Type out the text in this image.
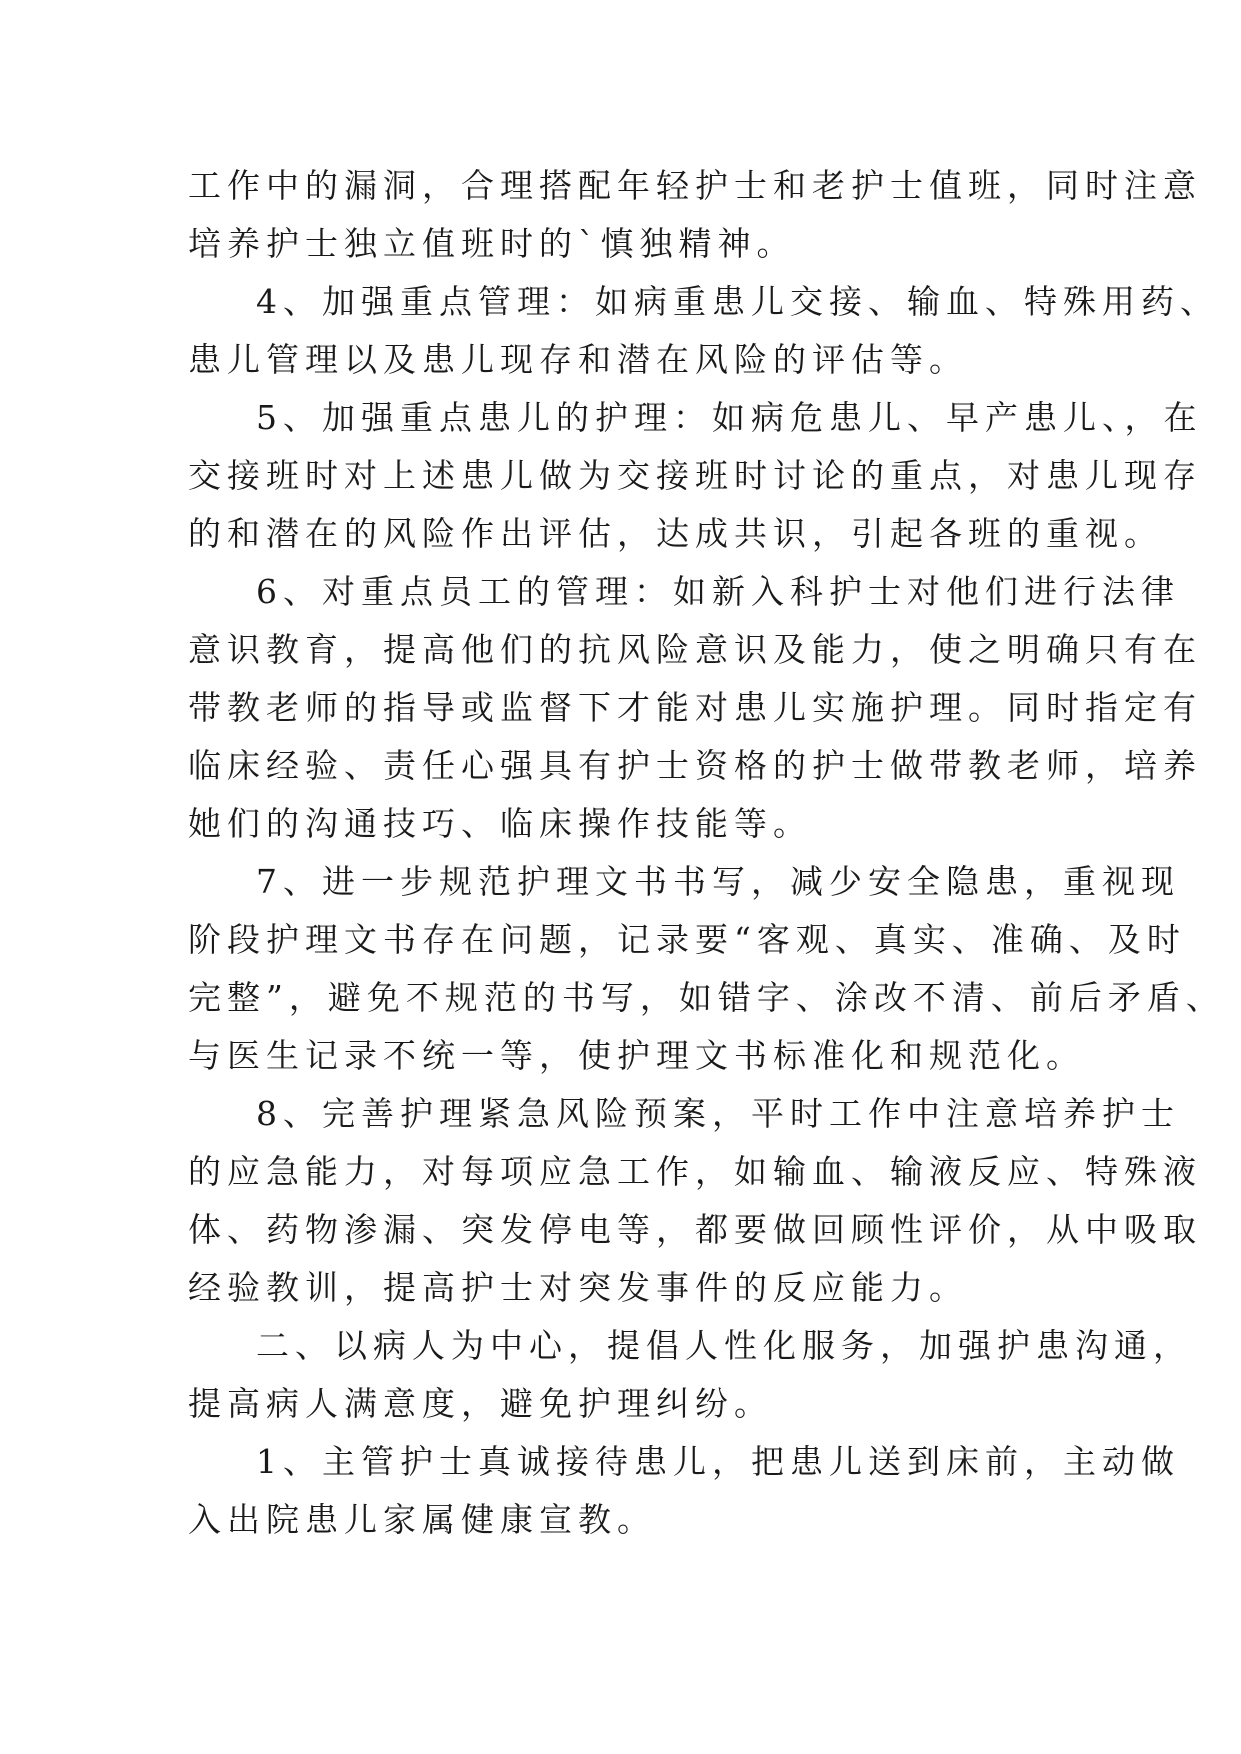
工作中的漏洞，合理搭配年轻护士和老护士值班，同时注意
培养护士独立值班时的`慎独精神。
4、加强重点管理：如病重患儿交接、输血、特殊用药、
患儿管理以及患儿现存和潜在风险的评估等。
5、加强重点患儿的护理：如病危患儿、早产患儿、，在
交接班时对上述患儿做为交接班时讨论的重点，对患儿现存
的和潜在的风险作出评估，达成共识，引起各班的重视。
6、对重点员工的管理：如新入科护士对他们进行法律
意识教育，提高他们的抗风险意识及能力，使之明确只有在
带教老师的指导或监督下才能对患儿实施护理。同时指定有
临床经验、责任心强具有护士资格的护士做带教老师，培养
她们的沟通技巧、临床操作技能等。
7、进一步规范护理文书书写，减少安全隐患，重视现
阶段护理文书存在问题，记录要“客观、真实、准确、及时
完整”，避免不规范的书写，如错字、涂改不清、前后矛盾、
与医生记录不统一等，使护理文书标准化和规范化。
8、完善护理紧急风险预案，平时工作中注意培养护士
的应急能力，对每项应急工作，如输血、输液反应、特殊液
体、药物渗漏、突发停电等，都要做回顾性评价，从中吸取
经验教训，提高护士对突发事件的反应能力。
二、以病人为中心，提倡人性化服务，加强护患沟通，
提高病人满意度，避免护理纠纷。
1、主管护士真诚接待患儿，把患儿送到床前，主动做
入出院患儿家属健康宣教。
